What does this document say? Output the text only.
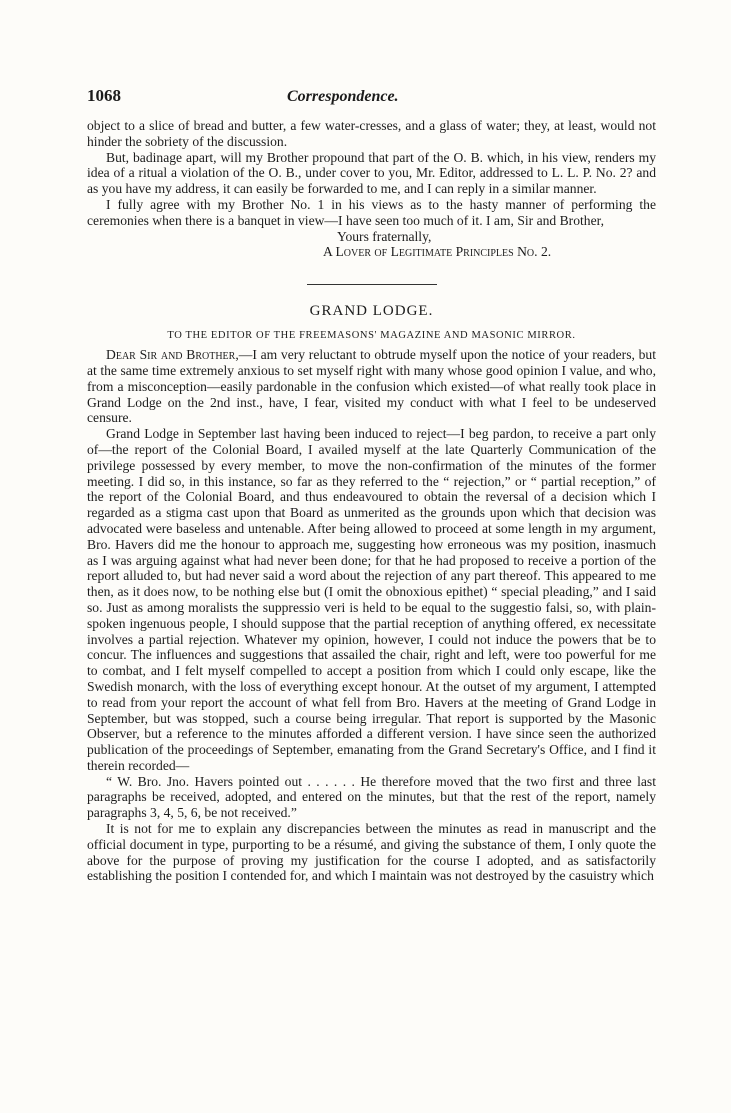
1068	Correspondence.

object to a slice of bread and butter, a few water-cresses, and a glass of water; they, at least, would not hinder the sobriety of the discussion.

But, badinage apart, will my Brother propound that part of the O. B. which, in his view, renders my idea of a ritual a violation of the O. B., under cover to you, Mr. Editor, addressed to L. L. P. No. 2? and as you have my address, it can easily be forwarded to me, and I can reply in a similar manner.

I fully agree with my Brother No. 1 in his views as to the hasty manner of performing the ceremonies when there is a banquet in view—I have seen too much of it. I am, Sir and Brother,

Yours fraternally,
A Lover of Legitimate Principles No. 2.
GRAND LODGE.
TO THE EDITOR OF THE FREEMASONS' MAGAZINE AND MASONIC MIRROR.

Dear Sir and Brother,—I am very reluctant to obtrude myself upon the notice of your readers, but at the same time extremely anxious to set myself right with many whose good opinion I value, and who, from a misconception—easily pardonable in the confusion which existed—of what really took place in Grand Lodge on the 2nd inst., have, I fear, visited my conduct with what I feel to be undeserved censure.

Grand Lodge in September last having been induced to reject—I beg pardon, to receive a part only of—the report of the Colonial Board, I availed myself at the late Quarterly Communication of the privilege possessed by every member, to move the non-confirmation of the minutes of the former meeting. I did so, in this instance, so far as they referred to the “ rejection,” or “ partial reception,” of the report of the Colonial Board, and thus endeavoured to obtain the reversal of a decision which I regarded as a stigma cast upon that Board as unmerited as the grounds upon which that decision was advocated were baseless and untenable. After being allowed to proceed at some length in my argument, Bro. Havers did me the honour to approach me, suggesting how erroneous was my position, inasmuch as I was arguing against what had never been done; for that he had proposed to receive a portion of the report alluded to, but had never said a word about the rejection of any part thereof. This appeared to me then, as it does now, to be nothing else but (I omit the obnoxious epithet) “ special pleading,” and I said so. Just as among moralists the suppressio veri is held to be equal to the suggestio falsi, so, with plain-spoken ingenuous people, I should suppose that the partial reception of anything offered, ex necessitate involves a partial rejection. Whatever my opinion, however, I could not induce the powers that be to concur. The influences and suggestions that assailed the chair, right and left, were too powerful for me to combat, and I felt myself compelled to accept a position from which I could only escape, like the Swedish monarch, with the loss of everything except honour. At the outset of my argument, I attempted to read from your report the account of what fell from Bro. Havers at the meeting of Grand Lodge in September, but was stopped, such a course being irregular. That report is supported by the Masonic Observer, but a reference to the minutes afforded a different version. I have since seen the authorized publication of the proceedings of September, emanating from the Grand Secretary's Office, and I find it therein recorded—

“ W. Bro. Jno. Havers pointed out . . . . . . He therefore moved that the two first and three last paragraphs be received, adopted, and entered on the minutes, but that the rest of the report, namely paragraphs 3, 4, 5, 6, be not received.”

It is not for me to explain any discrepancies between the minutes as read in manuscript and the official document in type, purporting to be a résumé, and giving the substance of them, I only quote the above for the purpose of proving my justification for the course I adopted, and as satisfactorily establishing the position I contended for, and which I maintain was not destroyed by the casuistry which
